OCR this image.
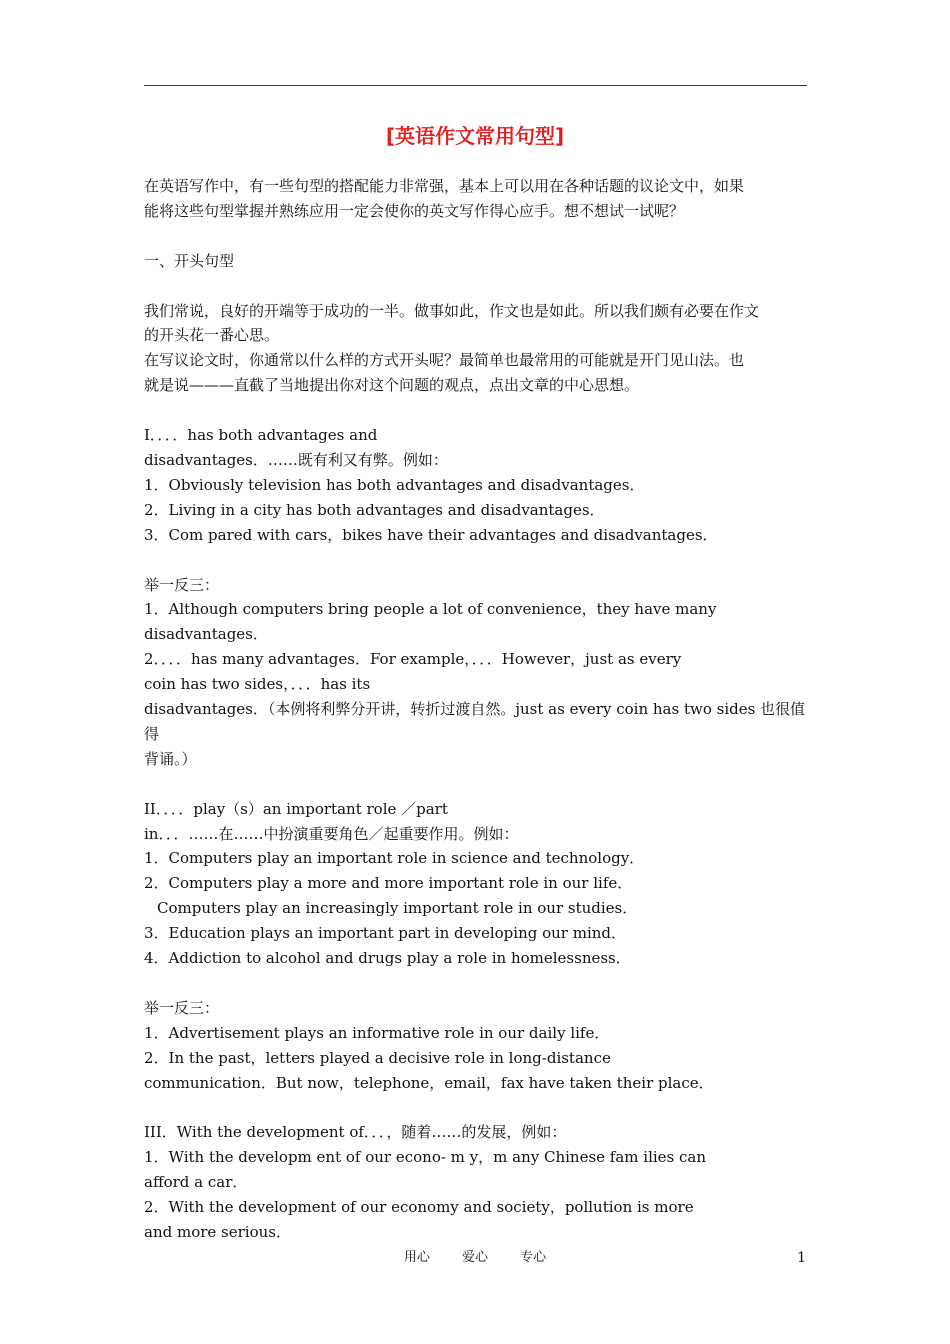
[英语作文常用句型]

在英语写作中，有一些句型的搭配能力非常强，基本上可以用在各种话题的议论文中，如果

能将这些句型掌握并熟练应用一定会使你的英文写作得心应手。想不想试一试呢？

一、开头句型

我们常说，良好的开端等于成功的一半。做事如此，作文也是如此。所以我们颇有必要在作文

的开头花一番心思。

在写议论文时，你通常以什么样的方式开头呢？最简单也最常用的可能就是开门见山法。也

就是说———直截了当地提出你对这个问题的观点，点出文章的中心思想。

I．．．．has both advantages and

disadvantages．……既有利又有弊。例如：

1．Obviously television has both advantages and disadvantages．

2．Living in a city has both advantages and disadvantages．

3．Com pared with cars，bikes have their advantages and disadvantages．

举一反三：

1．Although computers bring people a lot of convenience，they have many

disadvantages．

2．．．．has many advantages．For example，．．．However，just as every

coin has two sides，．．．has its

disadvantages．（本例将利弊分开讲，转折过渡自然。just as every coin has two sides 也很值得

背诵。）

II．．．．play（s）an important role ／part

in．．．……在……中扮演重要角色／起重要作用。例如：

1．Computers play an important role in science and technology．

2．Computers play a more and more important role in our life．

Computers play an increasingly important role in our studies．

3．Education plays an important part in developing our mind．

4．Addiction to alcohol and drugs play a role in homelessness．

举一反三：

1．Advertisement plays an informative role in our daily life．

2．In the past，letters played a decisive role in long-distance

communication．But now，telephone，email，fax have taken their place．

III．With the development of．．．，随着……的发展，例如：

1．With the developm ent of our econo- m y，m any Chinese fam ilies can

afford a car．

2．With the development of our economy and society，pollution is more

and more serious．

用心 爱心 专心	1
